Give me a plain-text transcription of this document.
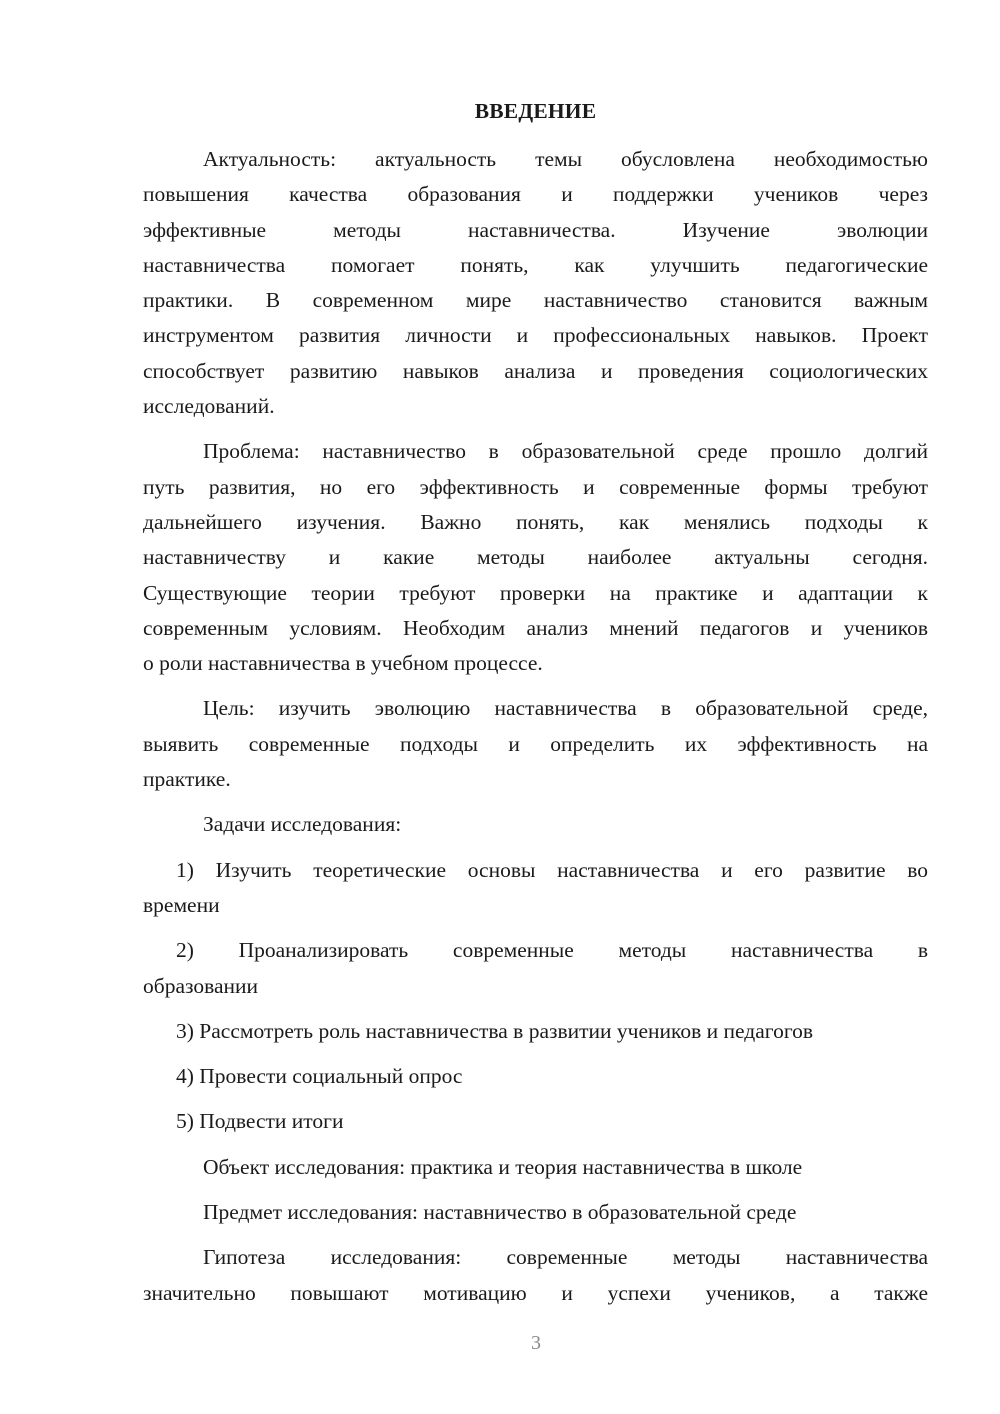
ВВЕДЕНИЕ
Актуальность: актуальность темы обусловлена необходимостью
повышения качества образования и поддержки учеников через
эффективные методы наставничества. Изучение эволюции
наставничества помогает понять, как улучшить педагогические
практики. В современном мире наставничество становится важным
инструментом развития личности и профессиональных навыков. Проект
способствует развитию навыков анализа и проведения социологических
исследований.
Проблема: наставничество в образовательной среде прошло долгий
путь развития, но его эффективность и современные формы требуют
дальнейшего изучения. Важно понять, как менялись подходы к
наставничеству и какие методы наиболее актуальны сегодня.
Существующие теории требуют проверки на практике и адаптации к
современным условиям. Необходим анализ мнений педагогов и учеников
о роли наставничества в учебном процессе.
Цель: изучить эволюцию наставничества в образовательной среде,
выявить современные подходы и определить их эффективность на
практике.
Задачи исследования:
1) Изучить теоретические основы наставничества и его развитие во
времени
2) Проанализировать современные методы наставничества в
образовании
3) Рассмотреть роль наставничества в развитии учеников и педагогов
4) Провести социальный опрос
5) Подвести итоги
Объект исследования: практика и теория наставничества в школе
Предмет исследования: наставничество в образовательной среде
Гипотеза исследования: современные методы наставничества
значительно повышают мотивацию и успехи учеников, а также
3
